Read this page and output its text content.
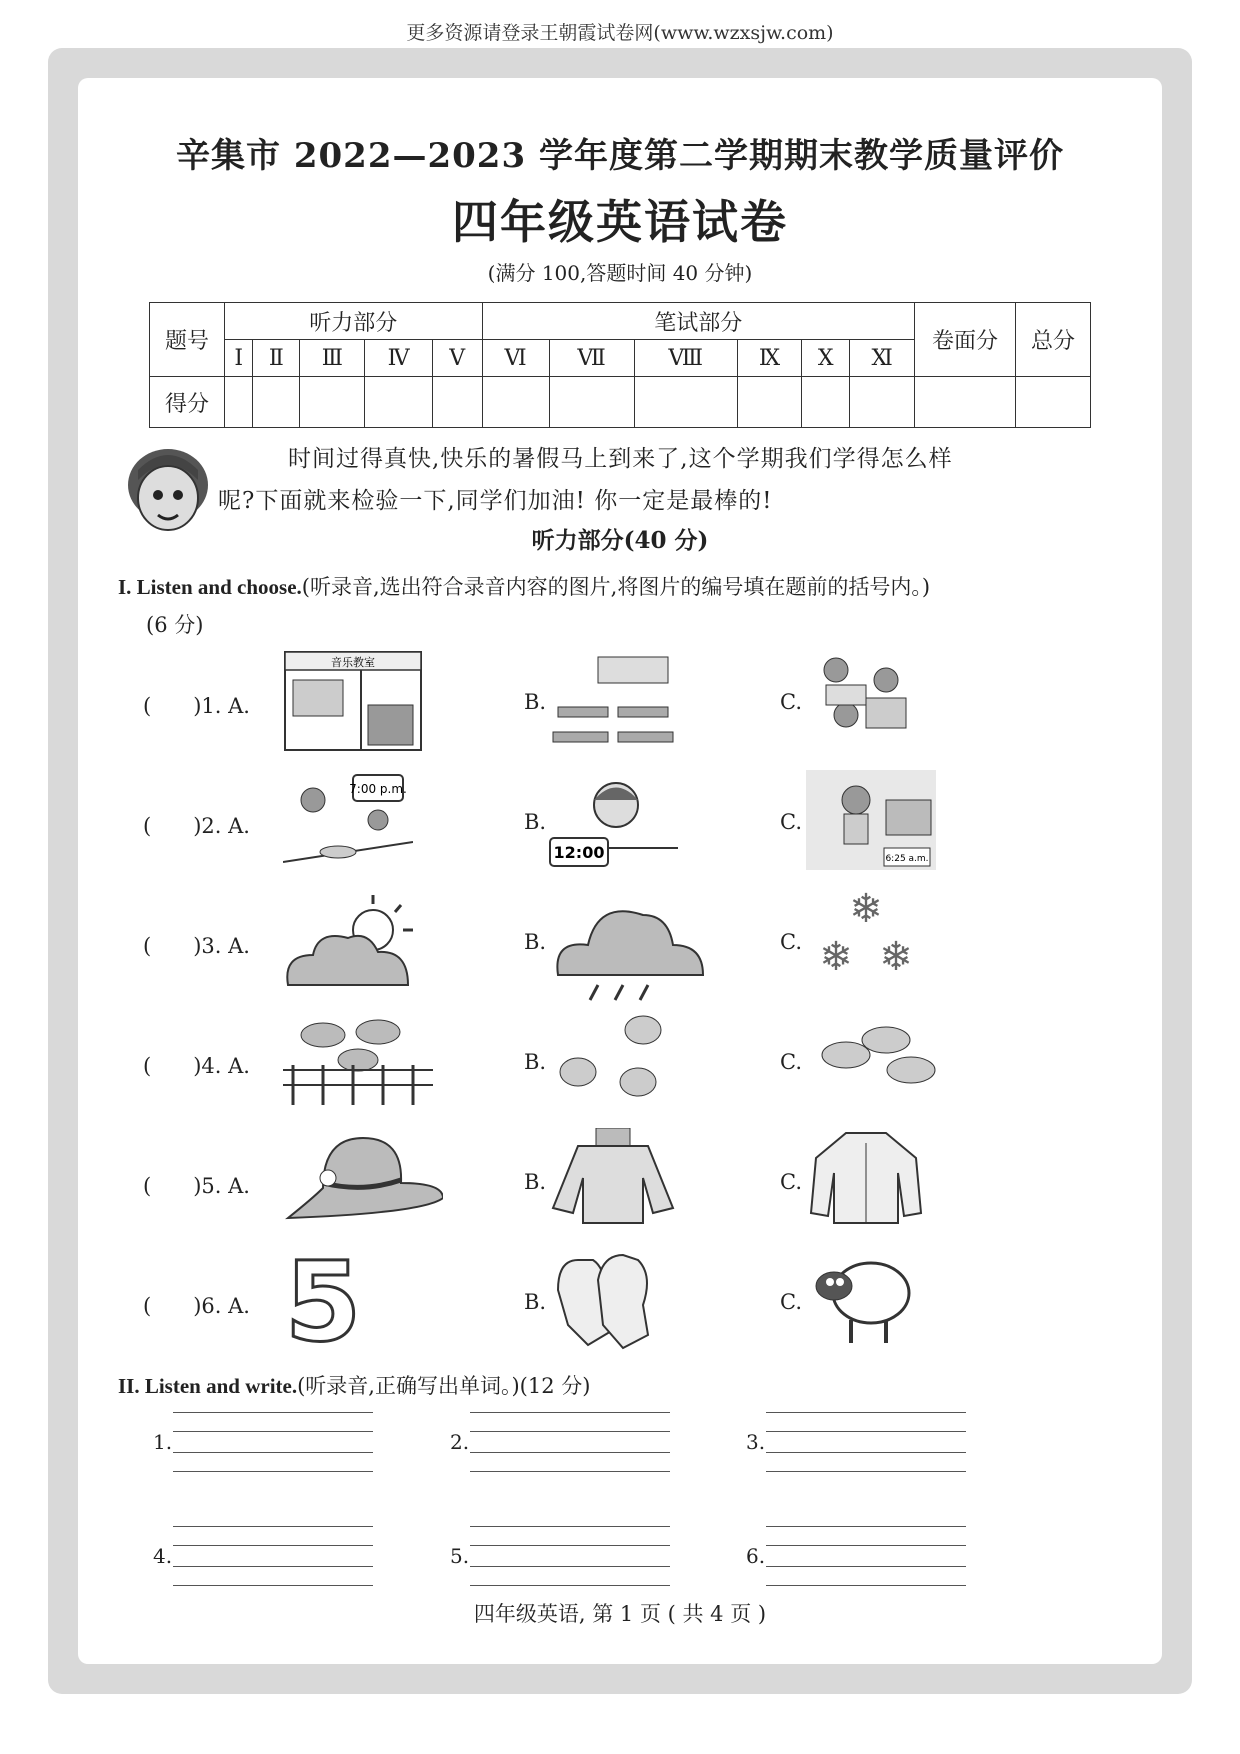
更多资源请登录王朝霞试卷网(www.wzxsjw.com)
辛集市 2022—2023 学年度第二学期期末教学质量评价
四年级英语试卷
(满分 100,答题时间 40 分钟)
题号	听力部分					笔试部分						卷面分	总分
	Ⅰ	Ⅱ	Ⅲ	Ⅳ	Ⅴ	Ⅵ	Ⅶ	Ⅷ	Ⅸ	Ⅹ	Ⅺ		
得分													
时间过得真快,快乐的暑假马上到来了,这个学期我们学得怎么样
呢?下面就来检验一下,同学们加油! 你一定是最棒的!
听力部分(40 分)
I. Listen and choose.(听录音,选出符合录音内容的图片,将图片的编号填在题前的括号内。)
(6 分)
(　　)1. A.
音乐教室
B.	C.
(　　)2. A.
7:00 p.m.
B.
12:00
C.
6:25 a.m.
(　　)3. A.	B.	C.
❄
❄ ❄
(　　)4. A.	B.	C.
(　　)5. A.	B.	C.
(　　)6. A. 5	B.	C.
II. Listen and write.(听录音,正确写出单词。)(12 分)
1.	2.	3.
4.	5.	6.
四年级英语, 第 1 页 ( 共 4 页 )
